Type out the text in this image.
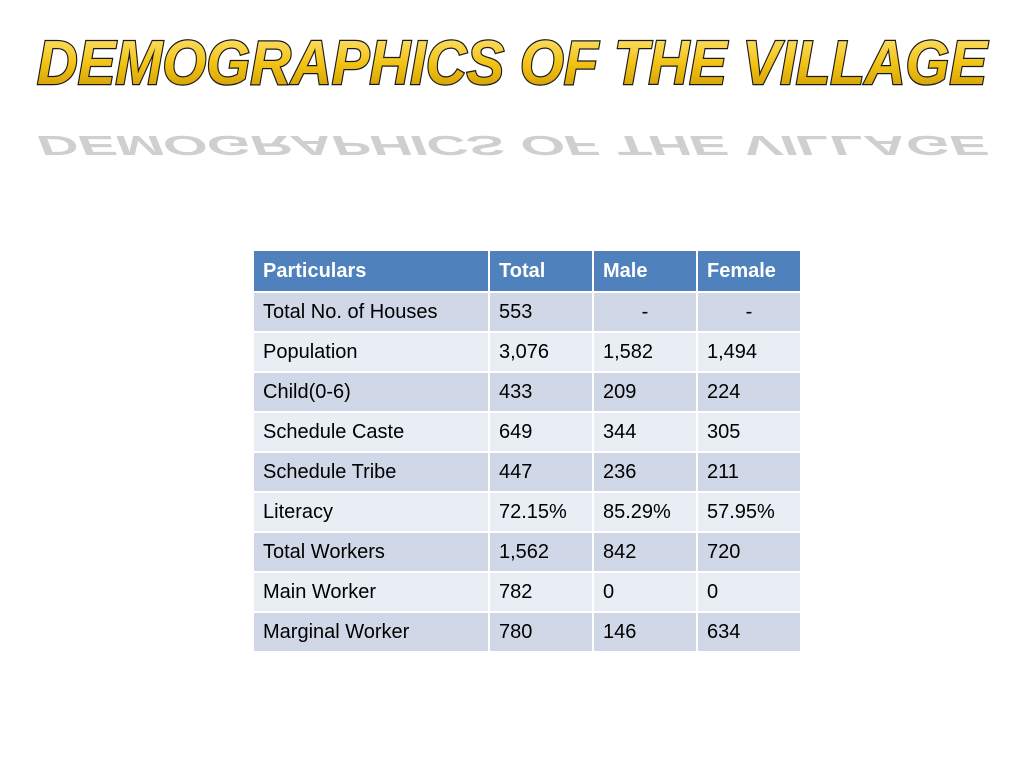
DEMOGRAPHICS OF THE VILLAGE
DEMOGRAPHICS OF THE VILLAGE
Particulars	Total	Male	Female
Total No. of Houses	553	-	-
Population	3,076	1,582	1,494
Child(0-6)	433	209	224
Schedule Caste	649	344	305
Schedule Tribe	447	236	211
Literacy	72.15%	85.29%	57.95%
Total Workers	1,562	842	720
Main Worker	782	0	0
Marginal Worker	780	146	634
